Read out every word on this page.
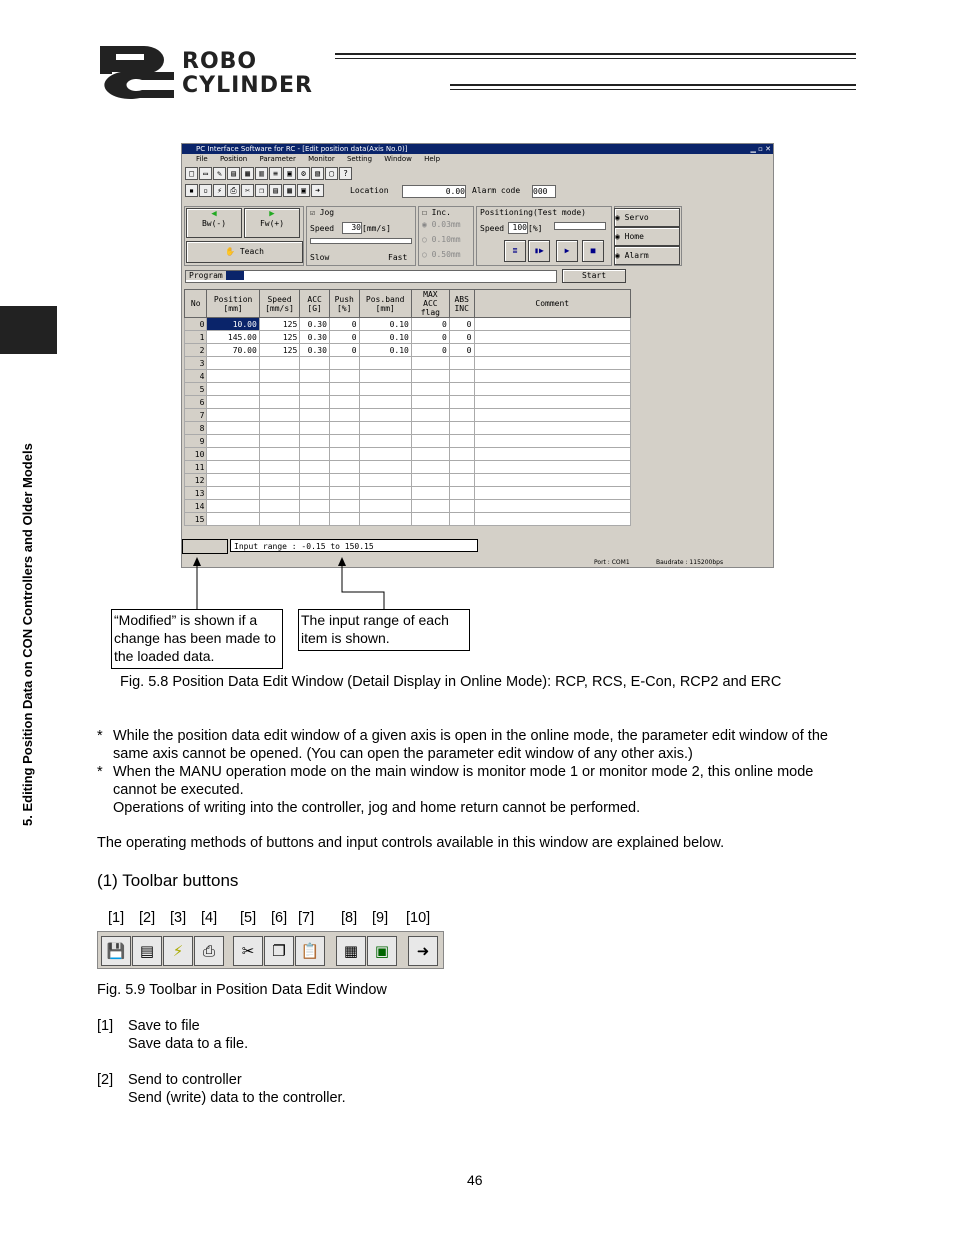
ROBO
CYLINDER
5. Editing Position Data on CON Controllers and Older Models
PC Interface Software for RC - [Edit position data(Axis No.0)]	▁ ▫ ✕
File Position Parameter Monitor Setting Window Help
□ ▭ ✎ ▤ ▦ ▥ ≡ ▣ ⚙ ▧ ▢ ?
▪ ▫ ⚡ ⎙ ✂ ❐ ▤ ▦ ▣ ➜	Location	0.00 Alarm code 000
◀
Bw(-)
▶
Fw(+)
✋ Teach
☑ Jog
Speed	30 [mm/s]
Slow	Fast
☐ Inc.
◉ 0.03mm
○ 0.10mm
○ 0.50mm
Positioning(Test mode)
Speed	100 [%]
≣	▮▶	▶	■
◉ Servo
◉ Home
◉ Alarm
Program	Start
No	Position [mm]	Speed [mm/s]	ACC [G]	Push [%]	Pos.band [mm]	MAX ACC flag	ABS INC	Comment
0	10.00	125	0.30	0	0.10	0	0	
1	145.00	125	0.30	0	0.10	0	0	
2	70.00	125	0.30	0	0.10	0	0	
3								
4								
5								
6								
7								
8								
9								
10								
11								
12								
13								
14								
15								
Input range : -0.15 to 150.15
Port : COM1	Baudrate : 115200bps
“Modified” is shown if a change has been made to the loaded data.
The input range of each item is shown.
Fig. 5.8 Position Data Edit Window (Detail Display in Online Mode): RCP, RCS, E-Con, RCP2 and ERC
* While the position data edit window of a given axis is open in the online mode, the parameter edit window of the same axis cannot be opened. (You can open the parameter edit window of any other axis.)
* When the MANU operation mode on the main window is monitor mode 1 or monitor mode 2, this online mode cannot be executed.
Operations of writing into the controller, jog and home return cannot be performed.
The operating methods of buttons and input controls available in this window are explained below.
(1) Toolbar buttons
[1] [2] [3] [4] [5] [6] [7] [8] [9] [10]
💾 ▤	⚡	⎙	✂	❐ 📋	▦	▣	➜
Fig. 5.9 Toolbar in Position Data Edit Window
[1] Save to file
Save data to a file.
[2] Send to controller
Send (write) data to the controller.
46
